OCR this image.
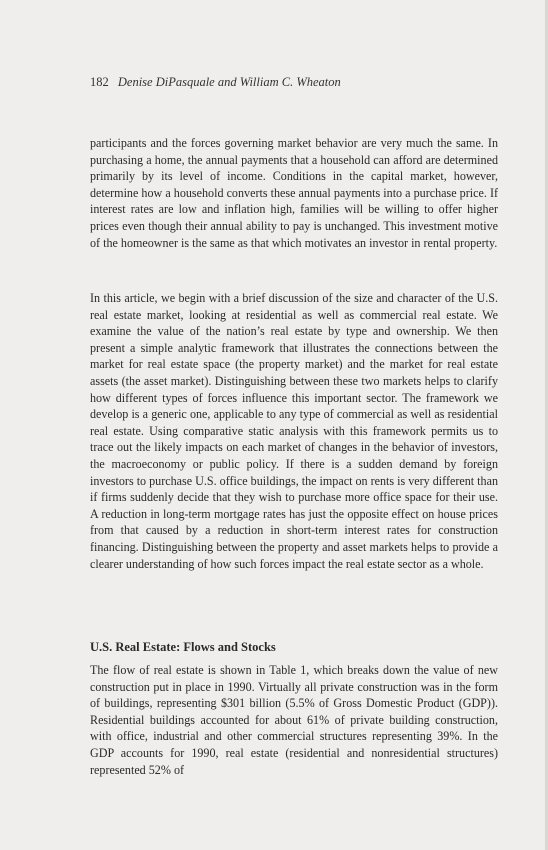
182 Denise DiPasquale and William C. Wheaton
participants and the forces governing market behavior are very much the same. In purchasing a home, the annual payments that a household can afford are determined primarily by its level of income. Conditions in the capital market, however, determine how a household converts these annual payments into a purchase price. If interest rates are low and inflation high, families will be willing to offer higher prices even though their annual ability to pay is unchanged. This investment motive of the homeowner is the same as that which motivates an investor in rental property.
In this article, we begin with a brief discussion of the size and character of the U.S. real estate market, looking at residential as well as commercial real estate. We examine the value of the nation’s real estate by type and ownership. We then present a simple analytic framework that illustrates the connections between the market for real estate space (the property market) and the market for real estate assets (the asset market). Distinguishing between these two markets helps to clarify how different types of forces influence this important sector. The framework we develop is a generic one, applicable to any type of commercial as well as residential real estate. Using comparative static analysis with this framework permits us to trace out the likely impacts on each market of changes in the behavior of investors, the macroeconomy or public policy. If there is a sudden demand by foreign investors to purchase U.S. office buildings, the impact on rents is very different than if firms suddenly decide that they wish to purchase more office space for their use. A reduction in long-term mortgage rates has just the opposite effect on house prices from that caused by a reduction in short-term interest rates for construction financing. Distinguishing between the property and asset markets helps to provide a clearer understanding of how such forces impact the real estate sector as a whole.
U.S. Real Estate: Flows and Stocks
The flow of real estate is shown in Table 1, which breaks down the value of new construction put in place in 1990. Virtually all private construction was in the form of buildings, representing $301 billion (5.5% of Gross Domestic Product (GDP)). Residential buildings accounted for about 61% of private building construction, with office, industrial and other commercial structures representing 39%. In the GDP accounts for 1990, real estate (residential and nonresidential structures) represented 52% of
